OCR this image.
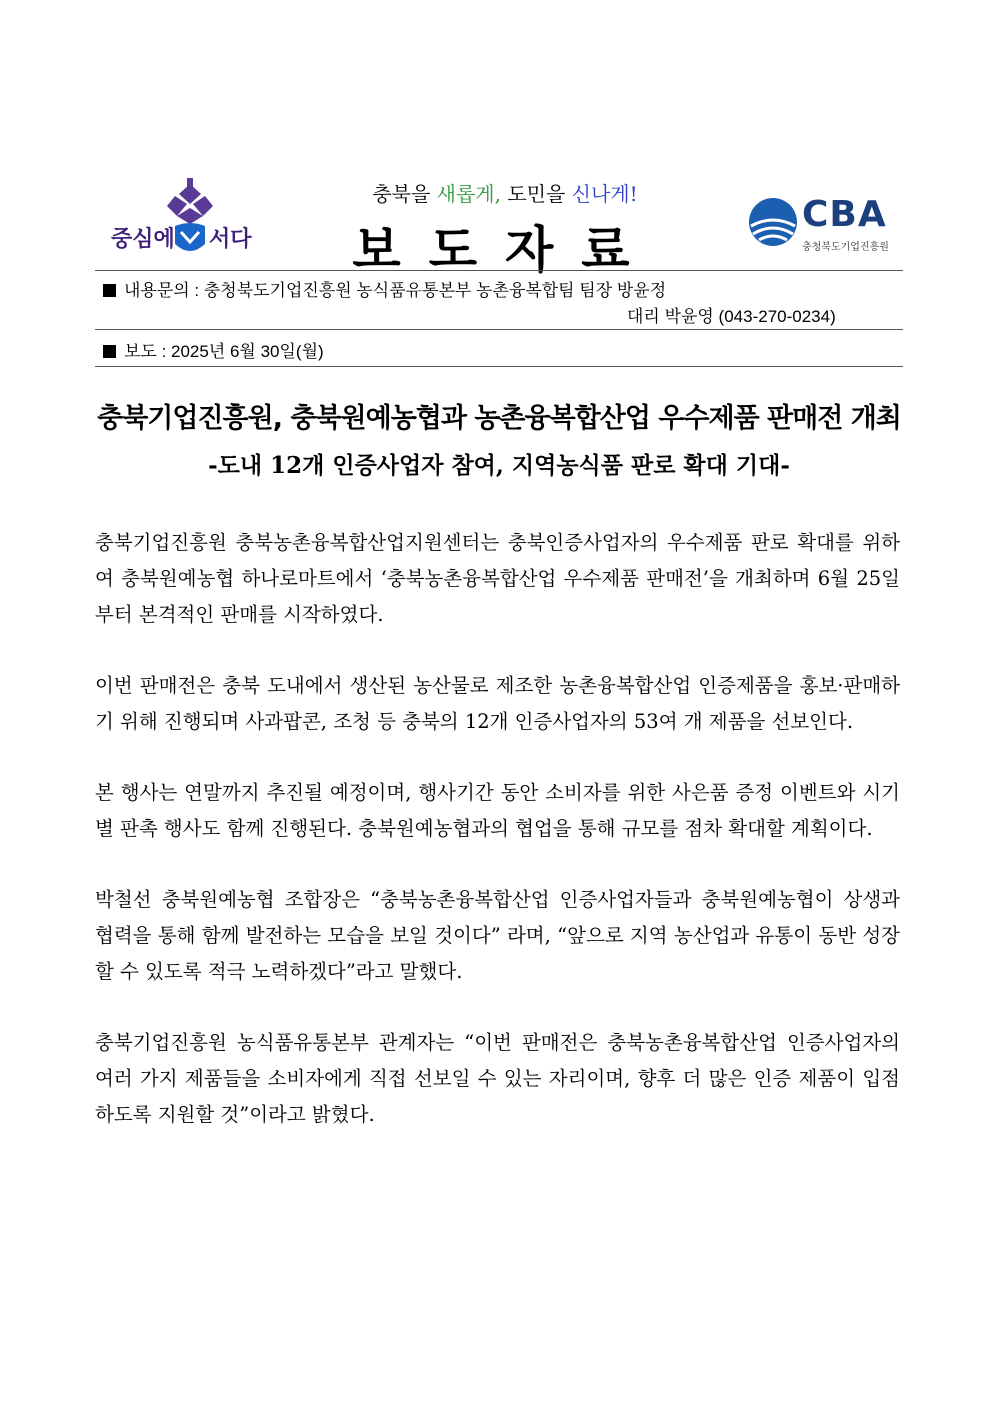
중심에 서다
충북을 새롭게, 도민을 신나게!
보도자료
CBA
충청북도기업진흥원
내용문의 : 충청북도기업진흥원 농식품유통본부 농촌융복합팀 팀장 방윤정
대리 박윤영 (043-270-0234)
보도 : 2025년 6월 30일(월)
충북기업진흥원, 충북원예농협과 농촌융복합산업 우수제품 판매전 개최
-도내 12개 인증사업자 참여, 지역농식품 판로 확대 기대-

충북기업진흥원 충북농촌융복합산업지원센터는 충북인증사업자의 우수제품 판로 확대를 위하여 충북원예농협 하나로마트에서 ‘충북농촌융복합산업 우수제품 판매전’을 개최하며 6월 25일부터 본격적인 판매를 시작하였다.

이번 판매전은 충북 도내에서 생산된 농산물로 제조한 농촌융복합산업 인증제품을 홍보·판매하기 위해 진행되며 사과팝콘, 조청 등 충북의 12개 인증사업자의 53여 개 제품을 선보인다.

본 행사는 연말까지 추진될 예정이며, 행사기간 동안 소비자를 위한 사은품 증정 이벤트와 시기별 판촉 행사도 함께 진행된다. 충북원예농협과의 협업을 통해 규모를 점차 확대할 계획이다.

박철선 충북원예농협 조합장은 “충북농촌융복합산업 인증사업자들과 충북원예농협이 상생과 협력을 통해 함께 발전하는 모습을 보일 것이다” 라며, “앞으로 지역 농산업과 유통이 동반 성장할 수 있도록 적극 노력하겠다”라고 말했다.

충북기업진흥원 농식품유통본부 관계자는 “이번 판매전은 충북농촌융복합산업 인증사업자의 여러 가지 제품들을 소비자에게 직접 선보일 수 있는 자리이며, 향후 더 많은 인증 제품이 입점하도록 지원할 것”이라고 밝혔다.
